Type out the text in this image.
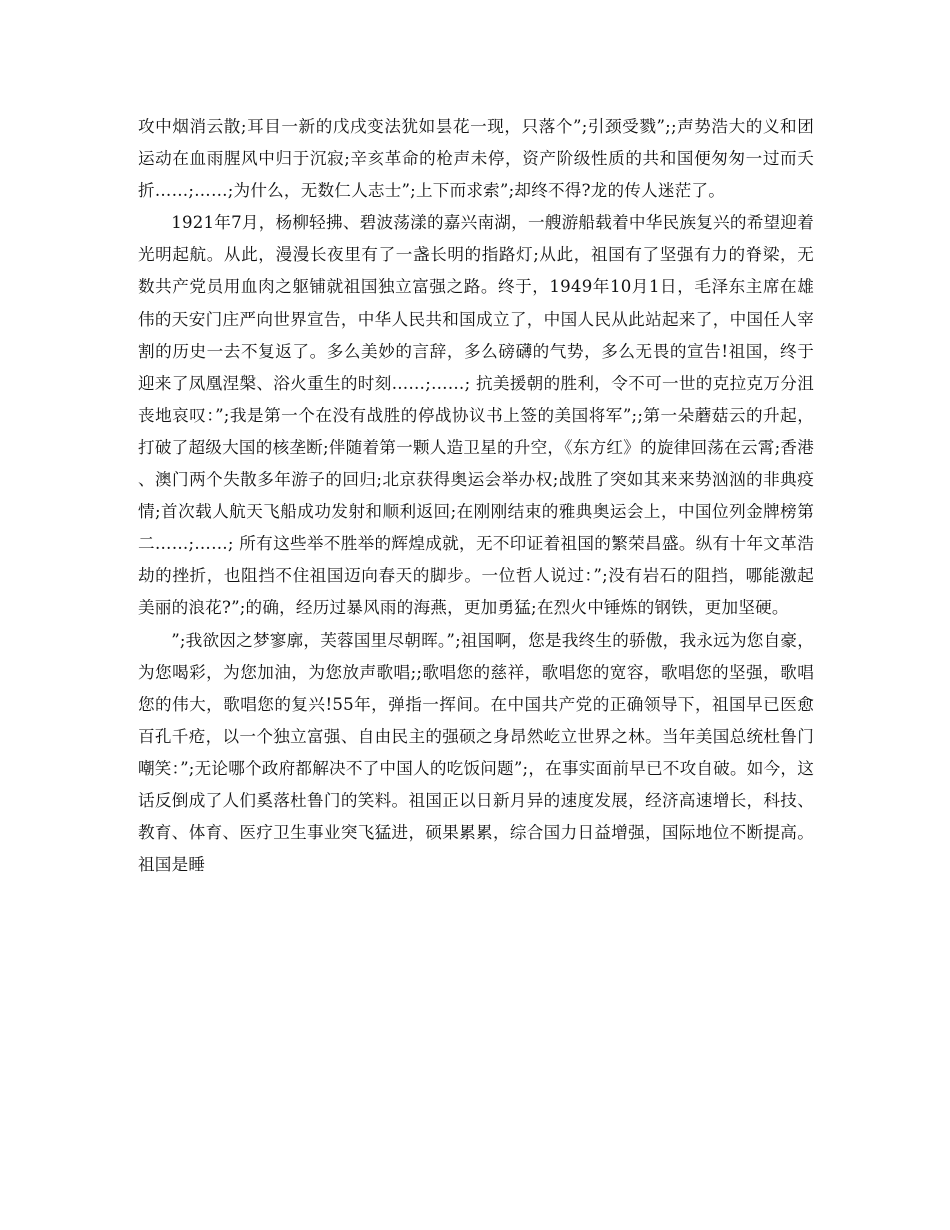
攻中烟消云散;耳目一新的戊戌变法犹如昙花一现，只落个”;引颈受戮”;;声势浩大的义和团运动在血雨腥风中归于沉寂;辛亥革命的枪声未停，资产阶级性质的共和国便匆匆一过而夭折……;……;为什么，无数仁人志士”;上下而求索”;却终不得?龙的传人迷茫了。

1921年7月，杨柳轻拂、碧波荡漾的嘉兴南湖，一艘游船载着中华民族复兴的希望迎着光明起航。从此，漫漫长夜里有了一盏长明的指路灯;从此，祖国有了坚强有力的脊梁，无数共产党员用血肉之躯铺就祖国独立富强之路。终于，1949年10月1日，毛泽东主席在雄伟的天安门庄严向世界宣告，中华人民共和国成立了，中国人民从此站起来了，中国任人宰割的历史一去不复返了。多么美妙的言辞，多么磅礴的气势，多么无畏的宣告!祖国，终于迎来了凤凰涅槃、浴火重生的时刻……;……; 抗美援朝的胜利，令不可一世的克拉克万分沮丧地哀叹：”;我是第一个在没有战胜的停战协议书上签的美国将军”;;第一朵蘑菇云的升起，打破了超级大国的核垄断;伴随着第一颗人造卫星的升空，《东方红》的旋律回荡在云霄;香港、澳门两个失散多年游子的回归;北京获得奥运会举办权;战胜了突如其来来势汹汹的非典疫情;首次载人航天飞船成功发射和顺利返回;在刚刚结束的雅典奥运会上，中国位列金牌榜第二……;……; 所有这些举不胜举的辉煌成就，无不印证着祖国的繁荣昌盛。纵有十年文革浩劫的挫折，也阻挡不住祖国迈向春天的脚步。一位哲人说过：”;没有岩石的阻挡，哪能激起美丽的浪花?”;的确，经历过暴风雨的海燕，更加勇猛;在烈火中锤炼的钢铁，更加坚硬。

”;我欲因之梦寥廓，芙蓉国里尽朝晖。”;祖国啊，您是我终生的骄傲，我永远为您自豪，为您喝彩，为您加油，为您放声歌唱;;歌唱您的慈祥，歌唱您的宽容，歌唱您的坚强，歌唱您的伟大，歌唱您的复兴!55年，弹指一挥间。在中国共产党的正确领导下，祖国早已医愈百孔千疮，以一个独立富强、自由民主的强硕之身昂然屹立世界之林。当年美国总统杜鲁门嘲笑：”;无论哪个政府都解决不了中国人的吃饭问题”;，在事实面前早已不攻自破。如今，这话反倒成了人们奚落杜鲁门的笑料。祖国正以日新月异的速度发展，经济高速增长，科技、教育、体育、医疗卫生事业突飞猛进，硕果累累，综合国力日益增强，国际地位不断提高。祖国是睡
